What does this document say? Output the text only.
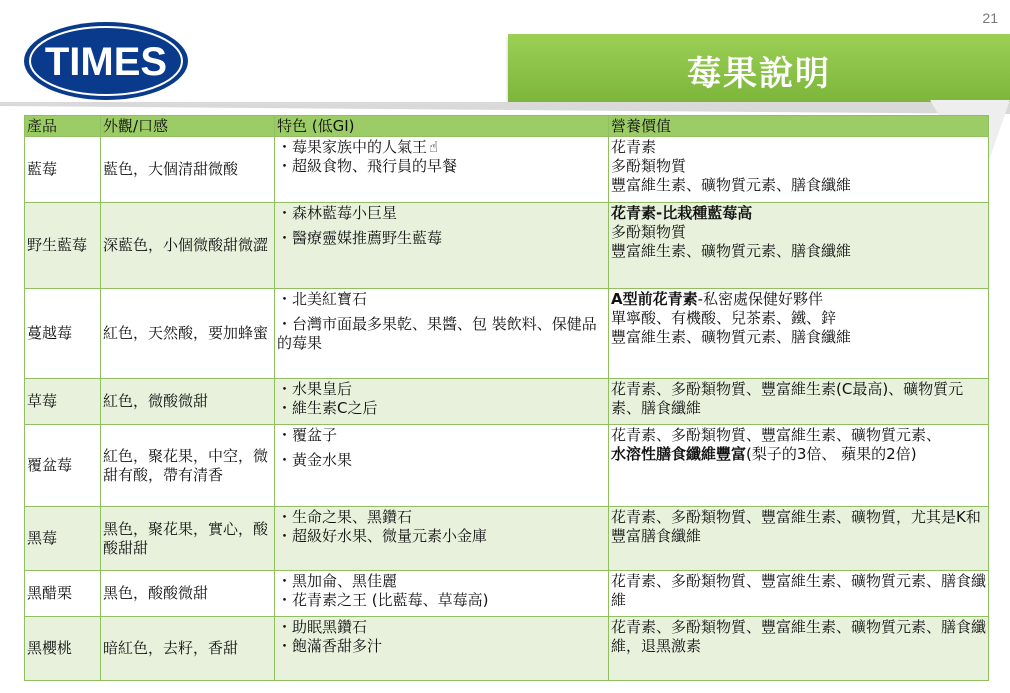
21
TIMES	莓果說明
產品	外觀/口感	特色 (低GI)	營養價值
藍莓	藍色，大個清甜微酸	・莓果家族中的人氣王 ☝
・超級食物、飛行員的早餐	花青素
多酚類物質
豐富維生素、礦物質元素、膳食纖維

野生藍莓	深藍色，小個微酸甜微澀	・森林藍莓小巨星
・醫療靈媒推薦野生藍莓	花青素-比栽種藍莓高
多酚類物質
豐富維生素、礦物質元素、膳食纖維

蔓越莓	紅色，天然酸，要加蜂蜜	・北美紅寶石
・台灣市面最多果乾、果醬、包 裝飲料、保健品的莓果	A型前花青素-私密處保健好夥伴
單寧酸、有機酸、兒茶素、鐵、鋅
豐富維生素、礦物質元素、膳食纖維

草莓	紅色，微酸微甜	・水果皇后
・維生素C之后	花青素、多酚類物質、豐富維生素(C最高)、礦物質元素、膳食纖維

覆盆莓	紅色，聚花果，中空，微甜有酸，帶有清香	・覆盆子
・黃金水果	花青素、多酚類物質、豐富維生素、礦物質元素、
水溶性膳食纖維豐富(梨子的3倍、 蘋果的2倍)

黑莓	黑色，聚花果，實心，酸酸甜甜	・生命之果、黑鑽石
・超級好水果、微量元素小金庫	花青素、多酚類物質、豐富維生素、礦物質，尤其是K和豐富膳食纖維

黑醋栗	黑色，酸酸微甜	・黑加侖、黑佳麗
・花青素之王 (比藍莓、草莓高)	花青素、多酚類物質、豐富維生素、礦物質元素、膳食纖維

黑櫻桃	暗紅色，去籽，香甜	・助眠黑鑽石
・飽滿香甜多汁	花青素、多酚類物質、豐富維生素、礦物質元素、膳食纖維，退黑激素
